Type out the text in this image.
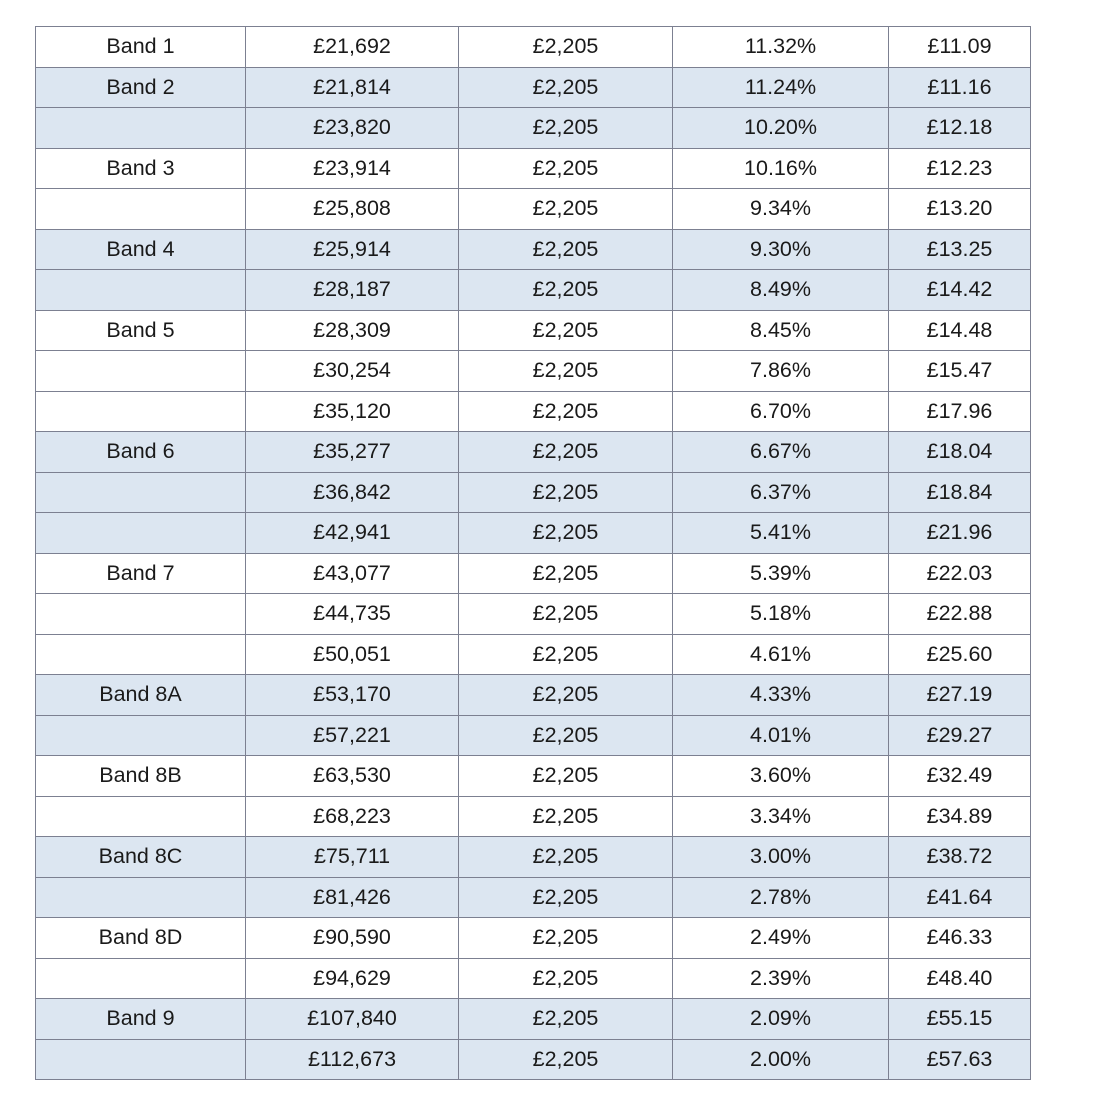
Band 1	£21,692	£2,205	11.32%	£11.09
Band 2	£21,814	£2,205	11.24%	£11.16
	£23,820	£2,205	10.20%	£12.18
Band 3	£23,914	£2,205	10.16%	£12.23
	£25,808	£2,205	9.34%	£13.20
Band 4	£25,914	£2,205	9.30%	£13.25
	£28,187	£2,205	8.49%	£14.42
Band 5	£28,309	£2,205	8.45%	£14.48
	£30,254	£2,205	7.86%	£15.47
	£35,120	£2,205	6.70%	£17.96
Band 6	£35,277	£2,205	6.67%	£18.04
	£36,842	£2,205	6.37%	£18.84
	£42,941	£2,205	5.41%	£21.96
Band 7	£43,077	£2,205	5.39%	£22.03
	£44,735	£2,205	5.18%	£22.88
	£50,051	£2,205	4.61%	£25.60
Band 8A	£53,170	£2,205	4.33%	£27.19
	£57,221	£2,205	4.01%	£29.27
Band 8B	£63,530	£2,205	3.60%	£32.49
	£68,223	£2,205	3.34%	£34.89
Band 8C	£75,711	£2,205	3.00%	£38.72
	£81,426	£2,205	2.78%	£41.64
Band 8D	£90,590	£2,205	2.49%	£46.33
	£94,629	£2,205	2.39%	£48.40
Band 9	£107,840	£2,205	2.09%	£55.15
	£112,673	£2,205	2.00%	£57.63
